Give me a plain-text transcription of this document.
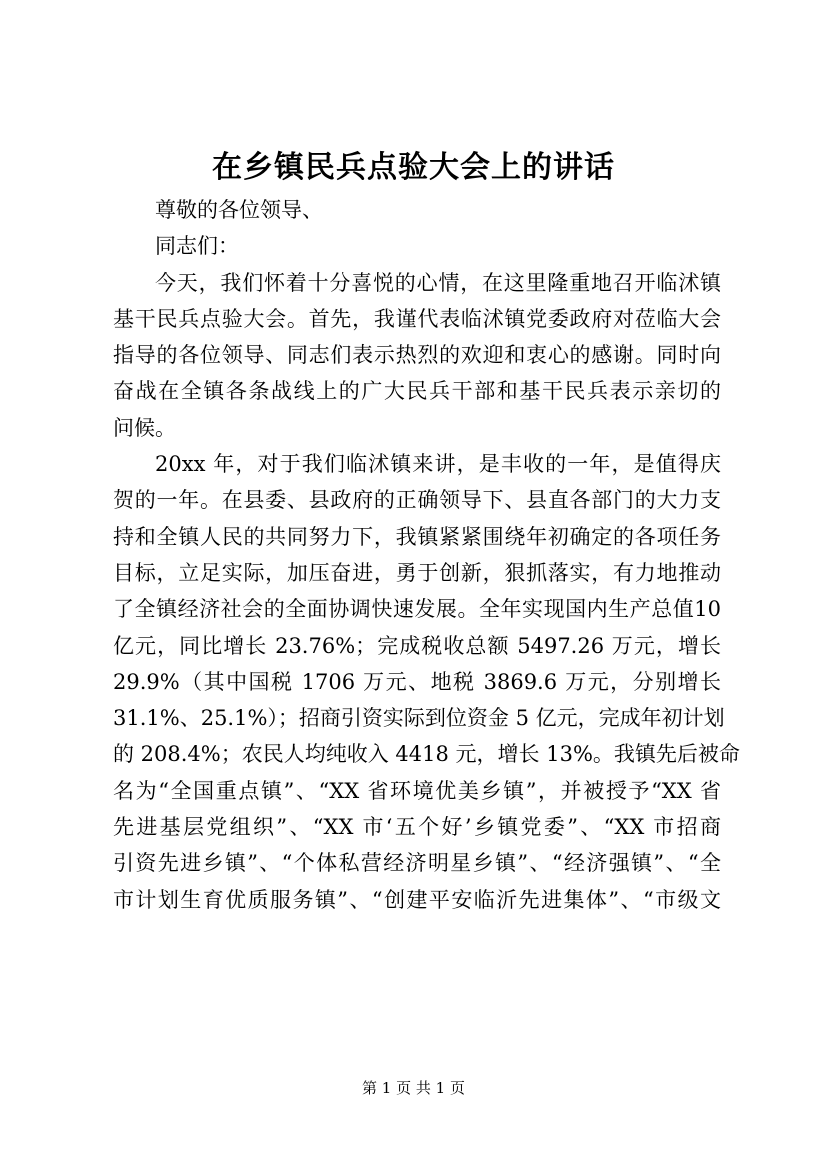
在乡镇民兵点验大会上的讲话
尊敬的各位领导、
同志们：
今天，我们怀着十分喜悦的心情，在这里隆重地召开临沭镇
基干民兵点验大会。首先，我谨代表临沭镇党委政府对莅临大会
指导的各位领导、同志们表示热烈的欢迎和衷心的感谢。同时向
奋战在全镇各条战线上的广大民兵干部和基干民兵表示亲切的
问候。
20xx 年，对于我们临沭镇来讲，是丰收的一年，是值得庆
贺的一年。在县委、县政府的正确领导下、县直各部门的大力支
持和全镇人民的共同努力下，我镇紧紧围绕年初确定的各项任务
目标，立足实际，加压奋进，勇于创新，狠抓落实，有力地推动
了全镇经济社会的全面协调快速发展。全年实现国内生产总值10
亿元，同比增长 23.76%；完成税收总额 5497.26 万元，增长
29.9%（其中国税 1706 万元、地税 3869.6 万元，分别增长
31.1%、25.1%）；招商引资实际到位资金 5 亿元，完成年初计划
的 208.4%；农民人均纯收入 4418 元，增长 13%。我镇先后被命
名为“全国重点镇”、“XX 省环境优美乡镇”，并被授予“XX 省
先进基层党组织”、“XX 市‘五个好’乡镇党委”、“XX 市招商
引资先进乡镇”、“个体私营经济明星乡镇”、“经济强镇”、“全
市计划生育优质服务镇”、“创建平安临沂先进集体”、“市级文
第 1 页 共 1 页
